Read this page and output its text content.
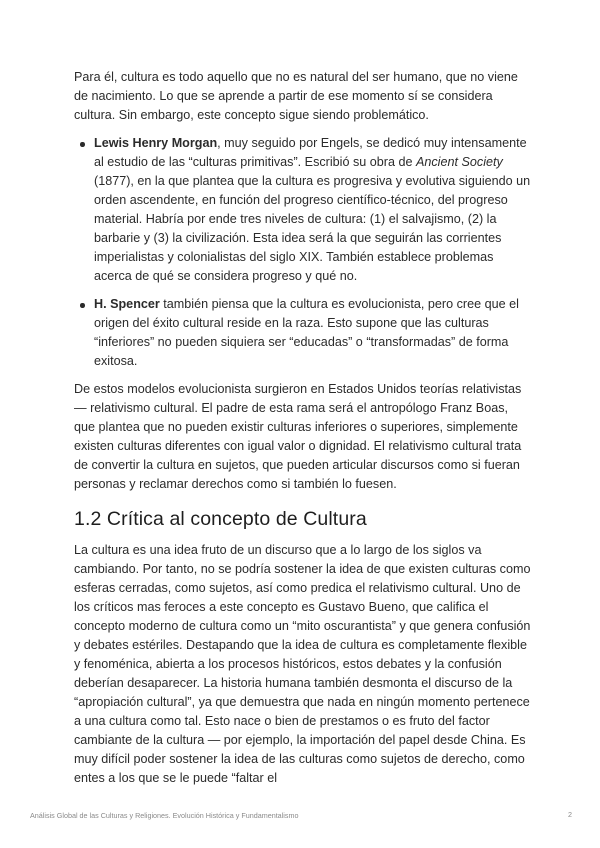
Para él, cultura es todo aquello que no es natural del ser humano, que no viene de nacimiento. Lo que se aprende a partir de ese momento sí se considera cultura. Sin embargo, este concepto sigue siendo problemático.

Lewis Henry Morgan, muy seguido por Engels, se dedicó muy intensamente al estudio de las “culturas primitivas”. Escribió su obra de Ancient Society (1877), en la que plantea que la cultura es progresiva y evolutiva siguiendo un orden ascendente, en función del progreso científico-técnico, del progreso material. Habría por ende tres niveles de cultura: (1) el salvajismo, (2) la barbarie y (3) la civilización. Esta idea será la que seguirán las corrientes imperialistas y colonialistas del siglo XIX. También establece problemas acerca de qué se considera progreso y qué no.
H. Spencer también piensa que la cultura es evolucionista, pero cree que el origen del éxito cultural reside en la raza. Esto supone que las culturas “inferiores” no pueden siquiera ser “educadas” o “transformadas” de forma exitosa.

De estos modelos evolucionista surgieron en Estados Unidos teorías relativistas — relativismo cultural. El padre de esta rama será el antropólogo Franz Boas, que plantea que no pueden existir culturas inferiores o superiores, simplemente existen culturas diferentes con igual valor o dignidad. El relativismo cultural trata de convertir la cultura en sujetos, que pueden articular discursos como si fueran personas y reclamar derechos como si también lo fuesen.

1.2 Crítica al concepto de Cultura

La cultura es una idea fruto de un discurso que a lo largo de los siglos va cambiando. Por tanto, no se podría sostener la idea de que existen culturas como esferas cerradas, como sujetos, así como predica el relativismo cultural. Uno de los críticos mas feroces a este concepto es Gustavo Bueno, que califica el concepto moderno de cultura como un “mito oscurantista” y que genera confusión y debates estériles. Destapando que la idea de cultura es completamente flexible y fenoménica, abierta a los procesos históricos, estos debates y la confusión deberían desaparecer. La historia humana también desmonta el discurso de la “apropiación cultural”, ya que demuestra que nada en ningún momento pertenece a una cultura como tal. Esto nace o bien de prestamos o es fruto del factor cambiante de la cultura — por ejemplo, la importación del papel desde China. Es muy difícil poder sostener la idea de las culturas como sujetos de derecho, como entes a los que se le puede “faltar el

Análisis Global de las Culturas y Religiones. Evolución Histórica y Fundamentalismo	2
